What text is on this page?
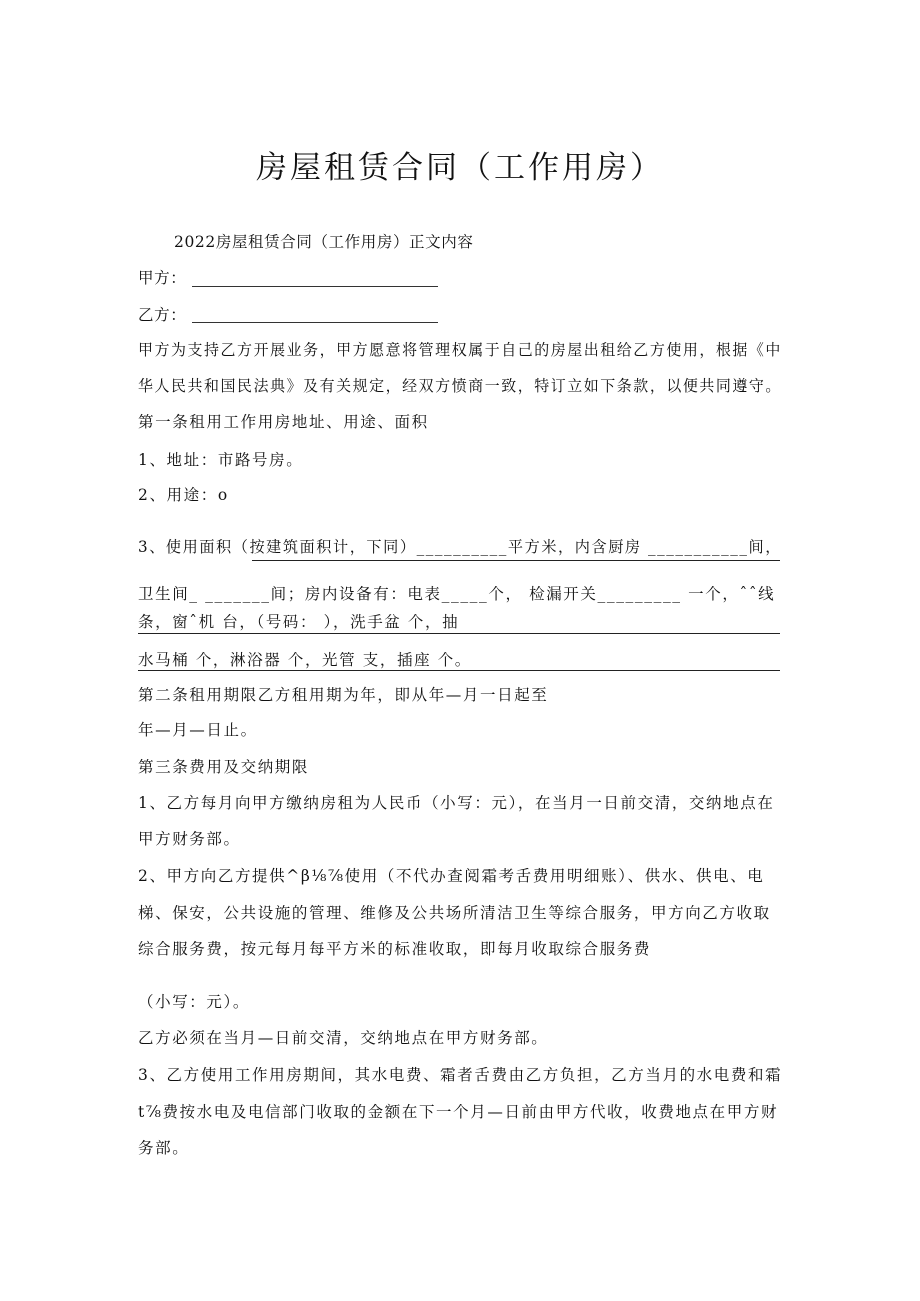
房屋租赁合同（工作用房）
2022房屋租赁合同（工作用房）正文内容
甲方：
乙方：
甲方为支持乙方开展业务，甲方愿意将管理权属于自己的房屋出租给乙方使用，根据《中
华人民共和国民法典》及有关规定，经双方愤商一致，特订立如下条款，以便共同遵守。
第一条租用工作用房地址、用途、面积
1、地址：市路号房。
2、用途：o
3、使用面积（按建筑面积计，下同）__________平方米，内含厨房 ___________间，
卫生间_ _______间；房内设备有：电表_____个， 检漏开关_________ 一个，ˆˆ线
条，窗ˆ机 台，（号码： ），洗手盆 个，抽
水马桶 个，淋浴器 个，光管 支，插座 个。
第二条租用期限乙方租用期为年，即从年—月一日起至
年—月—日止。
第三条费用及交纳期限
1、乙方每月向甲方缴纳房租为人民币（小写：元），在当月一日前交清，交纳地点在
甲方财务部。
2、甲方向乙方提供^β⅛⅞使用（不代办查阅霜考舌费用明细账）、供水、供电、电
梯、保安，公共设施的管理、维修及公共场所清洁卫生等综合服务，甲方向乙方收取
综合服务费，按元每月每平方米的标准收取，即每月收取综合服务费
（小写：元）。
乙方必须在当月—日前交清，交纳地点在甲方财务部。
3、乙方使用工作用房期间，其水电费、霜者舌费由乙方负担，乙方当月的水电费和霜
t⅞费按水电及电信部门收取的金额在下一个月—日前由甲方代收，收费地点在甲方财
务部。
